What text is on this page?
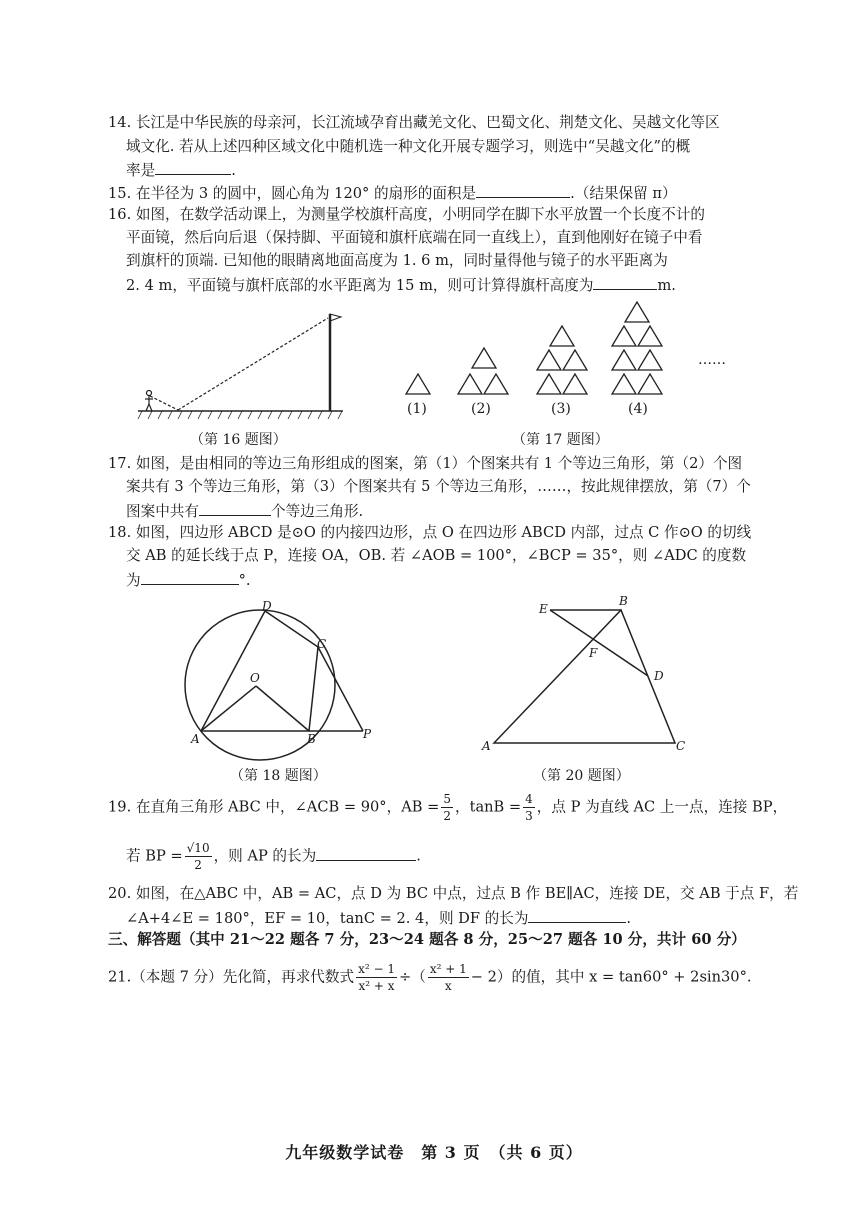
14. 长江是中华民族的母亲河，长江流域孕育出藏羌文化、巴蜀文化、荆楚文化、吴越文化等区
域文化. 若从上述四种区域文化中随机选一种文化开展专题学习，则选中“吴越文化”的概
率是	.
15. 在半径为 3 的圆中，圆心角为 120° 的扇形的面积是	.（结果保留 π）
16. 如图，在数学活动课上，为测量学校旗杆高度，小明同学在脚下水平放置一个长度不计的
平面镜，然后向后退（保持脚、平面镜和旗杆底端在同一直线上），直到他刚好在镜子中看
到旗杆的顶端. 已知他的眼睛离地面高度为 1. 6 m，同时量得他与镜子的水平距离为
2. 4 m，平面镜与旗杆底部的水平距离为 15 m，则可计算得旗杆高度为	m.
（第 16 题图）
(1)	(2)	(3)	(4)
……
（第 17 题图）
17. 如图，是由相同的等边三角形组成的图案，第（1）个图案共有 1 个等边三角形，第（2）个图
案共有 3 个等边三角形，第（3）个图案共有 5 个等边三角形，……，按此规律摆放，第（7）个
图案中共有	个等边三角形.
18. 如图，四边形 ABCD 是⊙O 的内接四边形，点 O 在四边形 ABCD 内部，过点 C 作⊙O 的切线
交 AB 的延长线于点 P，连接 OA，OB. 若 ∠AOB = 100°，∠BCP = 35°，则 ∠ADC 的度数
为	°.
D
C
O
A	B	P
（第 18 题图）
E
B
F
D
A	C
（第 20 题图）
19. 在直角三角形 ABC 中，∠ACB = 90°，AB = $\frac{5}{2}$ ，$\tan B = \frac{4}{3}$ ，点 P 为直线 AC 上一点，连接 BP，
若 BP = $\frac{√10}{2}$ ，则 AP 的长为	.
20. 如图，在△ABC 中，AB = AC，点 D 为 BC 中点，过点 B 作 BE∥AC，连接 DE，交 AB 于点 F，若
∠A+4∠E = 180°，EF = 10，tanC = 2. 4，则 DF 的长为	.
三、解答题（其中 21～22 题各 7 分，23～24 题各 8 分，25～27 题各 10 分，共计 60 分）
21.（本题 7 分）先化简，再求代数式 $\frac{\text{x² − 1}}{\text{x² + x}}$ ÷（ $\frac{\text{x² + 1}}{x} - 2$）的值，其中 x = tan60° + 2sin30°.
九年级数学试卷　第 3 页　（共 6 页）
